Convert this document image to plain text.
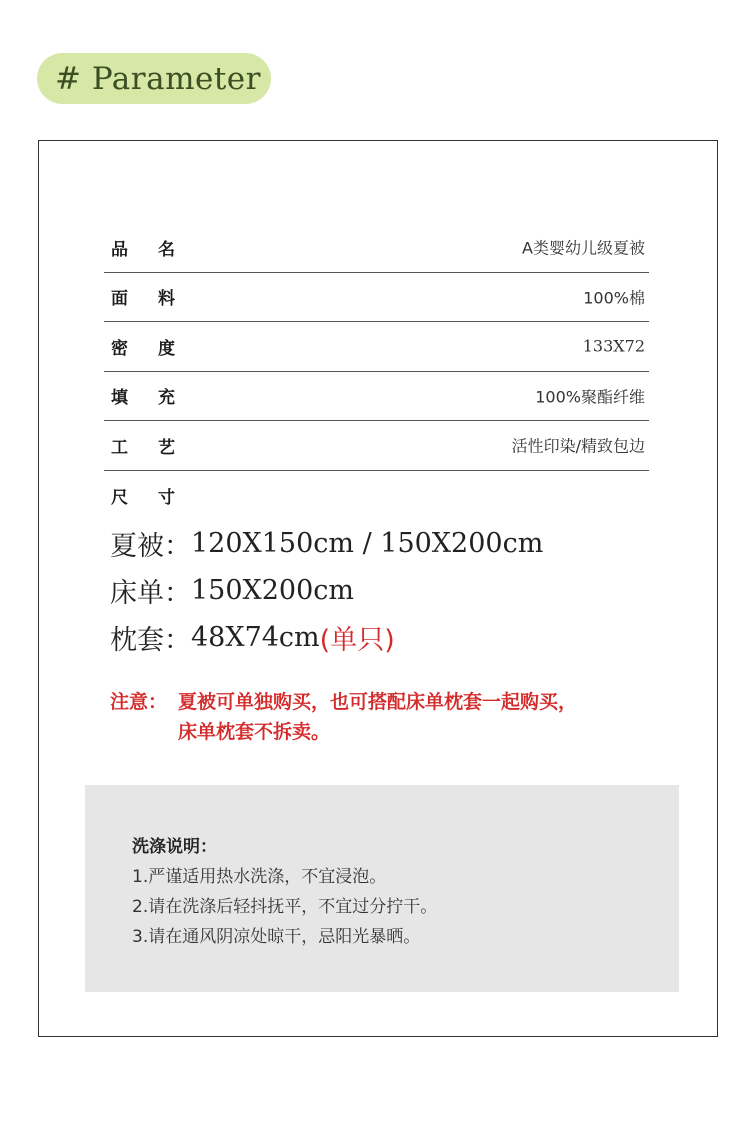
# Parameter
品名	A类婴幼儿级夏被
面料	100%棉
密度	133X72
填充	100%聚酯纤维
工艺	活性印染/精致包边
尺寸
夏被： 120X150cm / 150X200cm
床单： 150X200cm
枕套： 48X74cm (单只)
注意： 夏被可单独购买，也可搭配床单枕套一起购买，
床单枕套不拆卖。
洗涤说明：
1.严谨适用热水洗涤，不宜浸泡。
2.请在洗涤后轻抖抚平，不宜过分拧干。
3.请在通风阴凉处晾干，忌阳光暴晒。
